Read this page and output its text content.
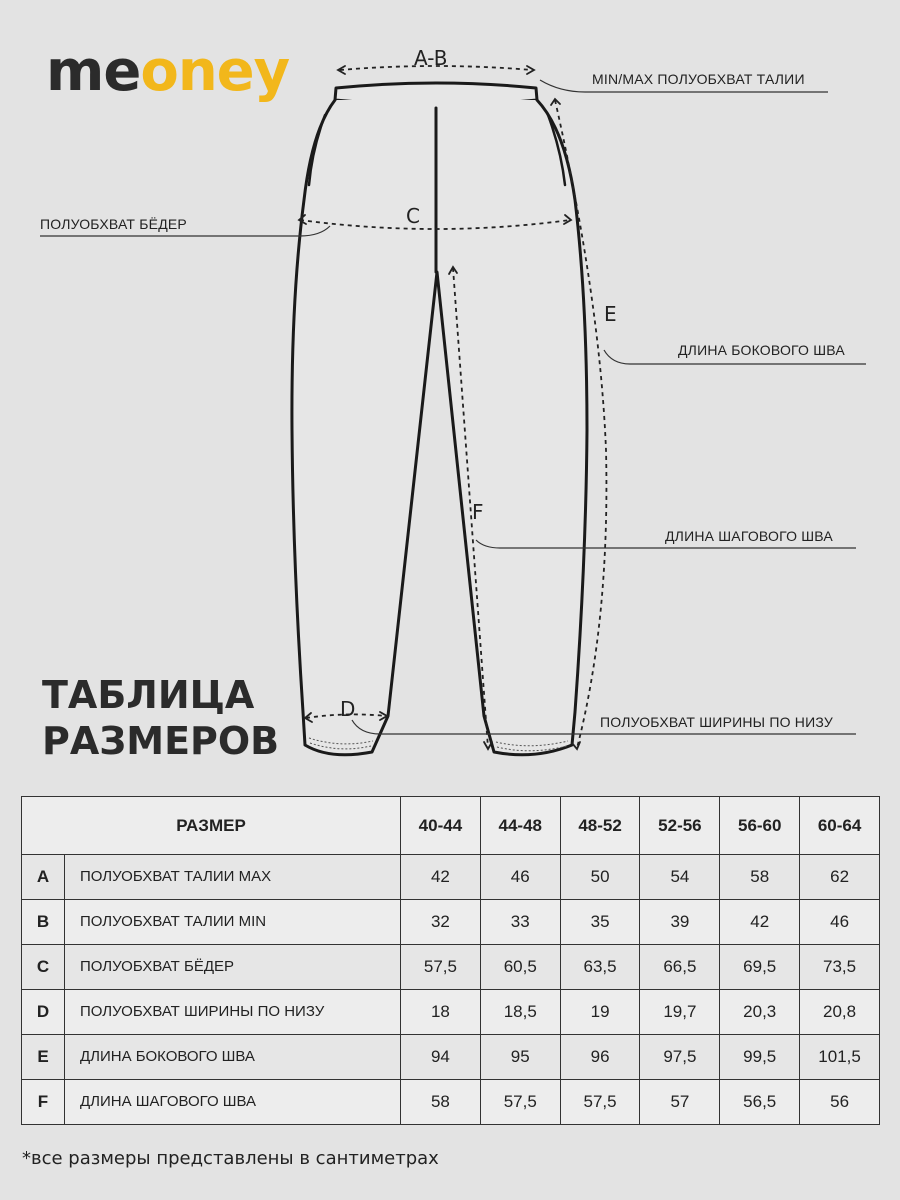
meoney	A-B
C
D
E
F
MIN/MAX ПОЛУОБХВАТ ТАЛИИ
ПОЛУОБХВАТ БЁДЕР
ДЛИНА БОКОВОГО ШВА
ДЛИНА ШАГОВОГО ШВА
ПОЛУОБХВАТ ШИРИНЫ ПО НИЗУ
ТАБЛИЦА
РАЗМЕРОВ
РАЗМЕР		40-44	44-48	48-52	52-56	56-60	60-64
A	ПОЛУОБХВАТ ТАЛИИ MAX	42	46	50	54	58	62
B	ПОЛУОБХВАТ ТАЛИИ MIN	32	33	35	39	42	46
C	ПОЛУОБХВАТ БЁДЕР	57,5	60,5	63,5	66,5	69,5	73,5
D	ПОЛУОБХВАТ ШИРИНЫ ПО НИЗУ	18	18,5	19	19,7	20,3	20,8
E	ДЛИНА БОКОВОГО ШВА	94	95	96	97,5	99,5	101,5
F	ДЛИНА ШАГОВОГО ШВА	58	57,5	57,5	57	56,5	56
*все размеры представлены в сантиметрах
